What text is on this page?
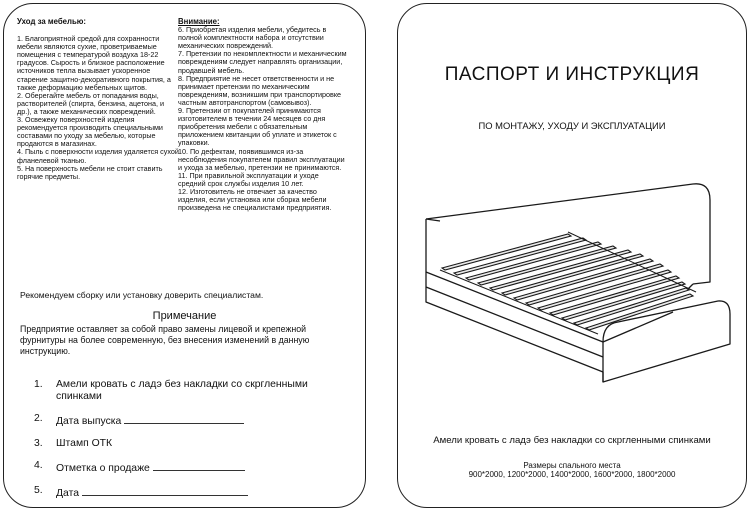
Уход за мебелью:

1. Благоприятной средой для сохранности мебели являются сухие, проветриваемые помещения с температурой воздуха 18-22 градусов. Сырость и близкое расположение источников тепла вызывает ускоренное старение защитно-декоративного покрытия, а также деформацию мебельных щитов.

2. Оберегайте мебель от попадания воды, растворителей (спирта, бензина, ацетона, и др.), а также механических повреждений.

3. Освежеку поверхностей изделия рекомендуется производить специальными составами по уходу за мебелью, которые продаются в магазинах.

4. Пыль с поверхности изделия удаляется сухой фланелевой тканью.

5. На поверхность мебели не стоит ставить горячие предметы.

Внимание:

6. Приобретая изделия мебели, убедитесь в полной комплектности набора и отсутствии механических повреждений.

7. Претензии по некомплектности и механическим повреждениям следует направлять организации, продавшей мебель.

8. Предприятие не несет ответственности и не принимает претензии по механическим повреждениям, возникшим при транспортировке частным автотранспортом (самовывоз).

9. Претензии от покупателей принимаются изготовителем в течении 24 месяцев со дня приобретения мебели с обязательным приложением квитанции об уплате и этикеток с упаковки.

10. По дефектам, появившимся из-за несоблюдения покупателем правил эксплуатации и ухода за мебелью, претензии не принимаются.

11. При правильной эксплуатации и уходе средний срок службы изделия 10 лет.

12. Изготовитель не отвечает за качество изделия, если установка или сборка мебели произведена не специалистами предприятия.

Рекомендуем сборку или установку доверить специалистам.
Примечание
Предприятие оставляет за собой право замены лицевой и крепежной фурнитуры на более современную, без внесения изменений в данную инструкцию.
1. Амели кровать с ладэ без накладки со скргленными спинками
2. Дата выпуска
3. Штамп ОТК
4. Отметка о продаже
5. Дата
ПАСПОРТ И ИНСТРУКЦИЯ
ПО МОНТАЖУ, УХОДУ И ЭКСПЛУАТАЦИИ
Амели кровать с ладэ без накладки со скргленными спинками
Размеры спального места
900*2000, 1200*2000, 1400*2000, 1600*2000, 1800*2000
